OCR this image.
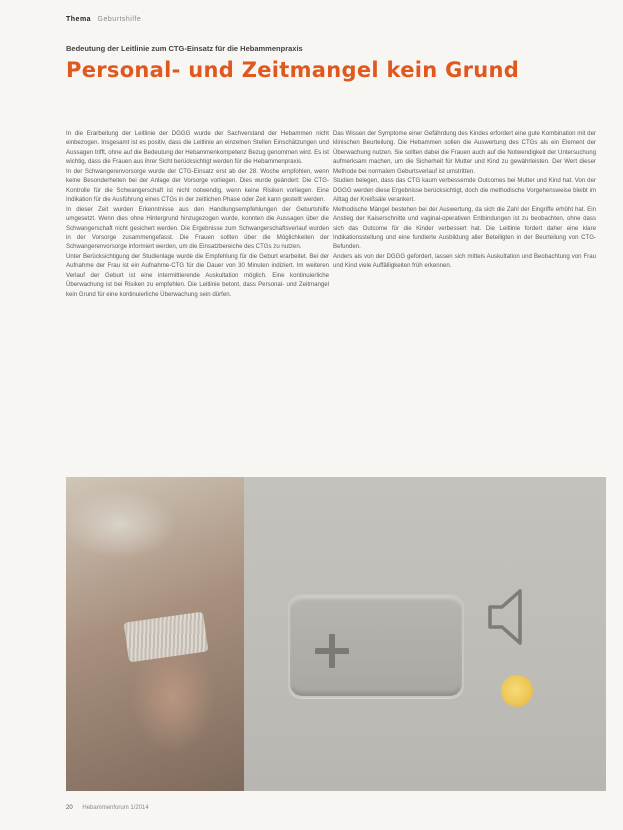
Thema Geburtshilfe
Bedeutung der Leitlinie zum CTG-Einsatz für die Hebammenpraxis
Personal- und Zeitmangel kein Grund

In die Erarbeitung der Leitlinie der DGGG wurde der Sachverstand der Hebammen nicht einbezogen. Insgesamt ist es positiv, dass die Leitlinie an einzelnen Stellen Einschätzungen und Aussagen trifft, ohne auf die Bedeutung der Hebammenkompetenz Bezug genommen wird. Es ist wichtig, dass die Frauen aus ihrer Sicht berücksichtigt werden für die Hebammenpraxis.

In der Schwangerenvorsorge wurde der CTG-Einsatz erst ab der 28. Woche empfohlen, wenn keine Besonderheiten bei der Anlage der Vorsorge vorliegen. Dies wurde geändert: Die CTG-Kontrolle für die Schwangerschaft ist nicht notwendig, wenn keine Risiken vorliegen. Eine Indikation für die Ausführung eines CTGs in der zeitlichen Phase oder Zeit kann gestellt werden.

In dieser Zeit wurden Erkenntnisse aus den Handlungsempfehlungen der Geburtshilfe umgesetzt. Wenn dies ohne Hintergrund hinzugezogen wurde, konnten die Aussagen über die Schwangerschaft nicht gesichert werden. Die Ergebnisse zum Schwangerschaftsverlauf wurden in der Vorsorge zusammengefasst. Die Frauen sollten über die Möglichkeiten der Schwangerenvorsorge informiert werden, um die Einsatzbereiche des CTGs zu nutzen.

Unter Berücksichtigung der Studienlage wurde die Empfehlung für die Geburt erarbeitet. Bei der Aufnahme der Frau ist ein Aufnahme-CTG für die Dauer von 30 Minuten indiziert. Im weiteren Verlauf der Geburt ist eine intermittierende Auskultation möglich. Eine kontinuierliche Überwachung ist bei Risiken zu empfehlen. Die Leitlinie betont, dass Personal- und Zeitmangel kein Grund für eine kontinuierliche Überwachung sein dürfen.

Das Wissen der Symptome einer Gefährdung des Kindes erfordert eine gute Kombination mit der klinischen Beurteilung. Die Hebammen sollen die Auswertung des CTGs als ein Element der Überwachung nutzen. Sie sollten dabei die Frauen auch auf die Notwendigkeit der Untersuchung aufmerksam machen, um die Sicherheit für Mutter und Kind zu gewährleisten. Der Wert dieser Methode bei normalem Geburtsverlauf ist umstritten.

Studien belegen, dass das CTG kaum verbessernde Outcomes bei Mutter und Kind hat. Von der DGGG werden diese Ergebnisse berücksichtigt, doch die methodische Vorgehensweise bleibt im Alltag der Kreißsäle verankert.

Methodische Mängel bestehen bei der Auswertung, da sich die Zahl der Eingriffe erhöht hat. Ein Anstieg der Kaiserschnitte und vaginal-operativen Entbindungen ist zu beobachten, ohne dass sich das Outcome für die Kinder verbessert hat. Die Leitlinie fordert daher eine klare Indikationsstellung und eine fundierte Ausbildung aller Beteiligten in der Beurteilung von CTG-Befunden.

Anders als von der DGGG gefordert, lassen sich mittels Auskultation und Beobachtung von Frau und Kind viele Auffälligkeiten früh erkennen.

20 Hebammenforum 1/2014
